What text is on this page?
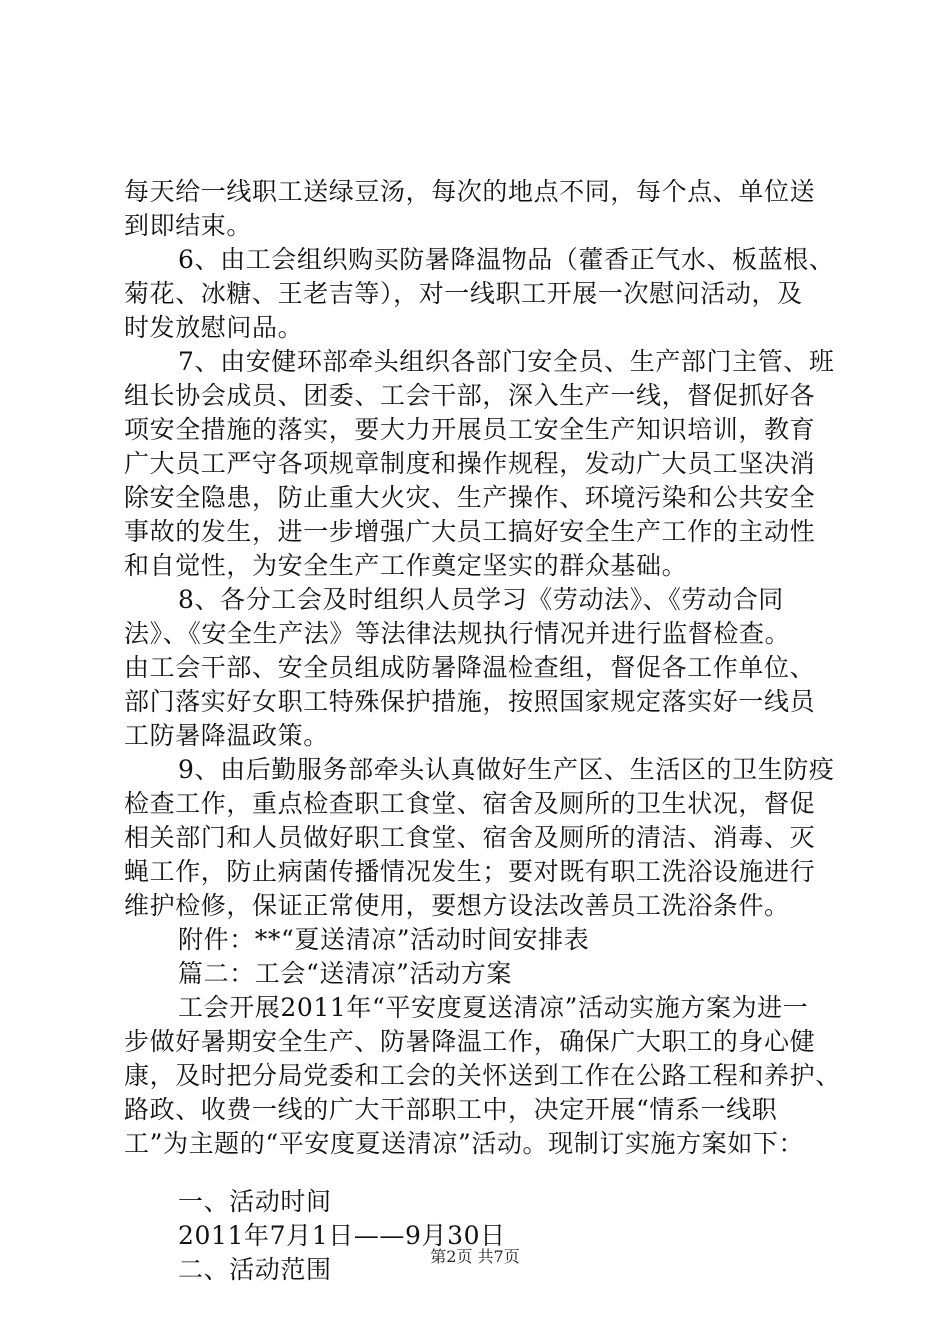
每天给一线职工送绿豆汤，每次的地点不同，每个点、单位送
到即结束。
6、由工会组织购买防暑降温物品（藿香正气水、板蓝根、
菊花、冰糖、王老吉等），对一线职工开展一次慰问活动，及
时发放慰问品。
7、由安健环部牵头组织各部门安全员、生产部门主管、班
组长协会成员、团委、工会干部，深入生产一线，督促抓好各
项安全措施的落实，要大力开展员工安全生产知识培训，教育
广大员工严守各项规章制度和操作规程，发动广大员工坚决消
除安全隐患，防止重大火灾、生产操作、环境污染和公共安全
事故的发生，进一步增强广大员工搞好安全生产工作的主动性
和自觉性，为安全生产工作奠定坚实的群众基础。
8、各分工会及时组织人员学习《劳动法》、《劳动合同
法》、《安全生产法》等法律法规执行情况并进行监督检查。
由工会干部、安全员组成防暑降温检查组，督促各工作单位、
部门落实好女职工特殊保护措施，按照国家规定落实好一线员
工防暑降温政策。
9、由后勤服务部牵头认真做好生产区、生活区的卫生防疫
检查工作，重点检查职工食堂、宿舍及厕所的卫生状况，督促
相关部门和人员做好职工食堂、宿舍及厕所的清洁、消毒、灭
蝇工作，防止病菌传播情况发生；要对既有职工洗浴设施进行
维护检修，保证正常使用，要想方设法改善员工洗浴条件。
附件：**“夏送清凉”活动时间安排表
篇二：工会“送清凉”活动方案
工会开展2011年“平安度夏送清凉”活动实施方案为进一
步做好暑期安全生产、防暑降温工作，确保广大职工的身心健
康，及时把分局党委和工会的关怀送到工作在公路工程和养护、
路政、收费一线的广大干部职工中，决定开展“情系一线职
工”为主题的“平安度夏送清凉”活动。现制订实施方案如下：
一、活动时间
2011年7月1日——9月30日
二、活动范围	第2页 共7页
